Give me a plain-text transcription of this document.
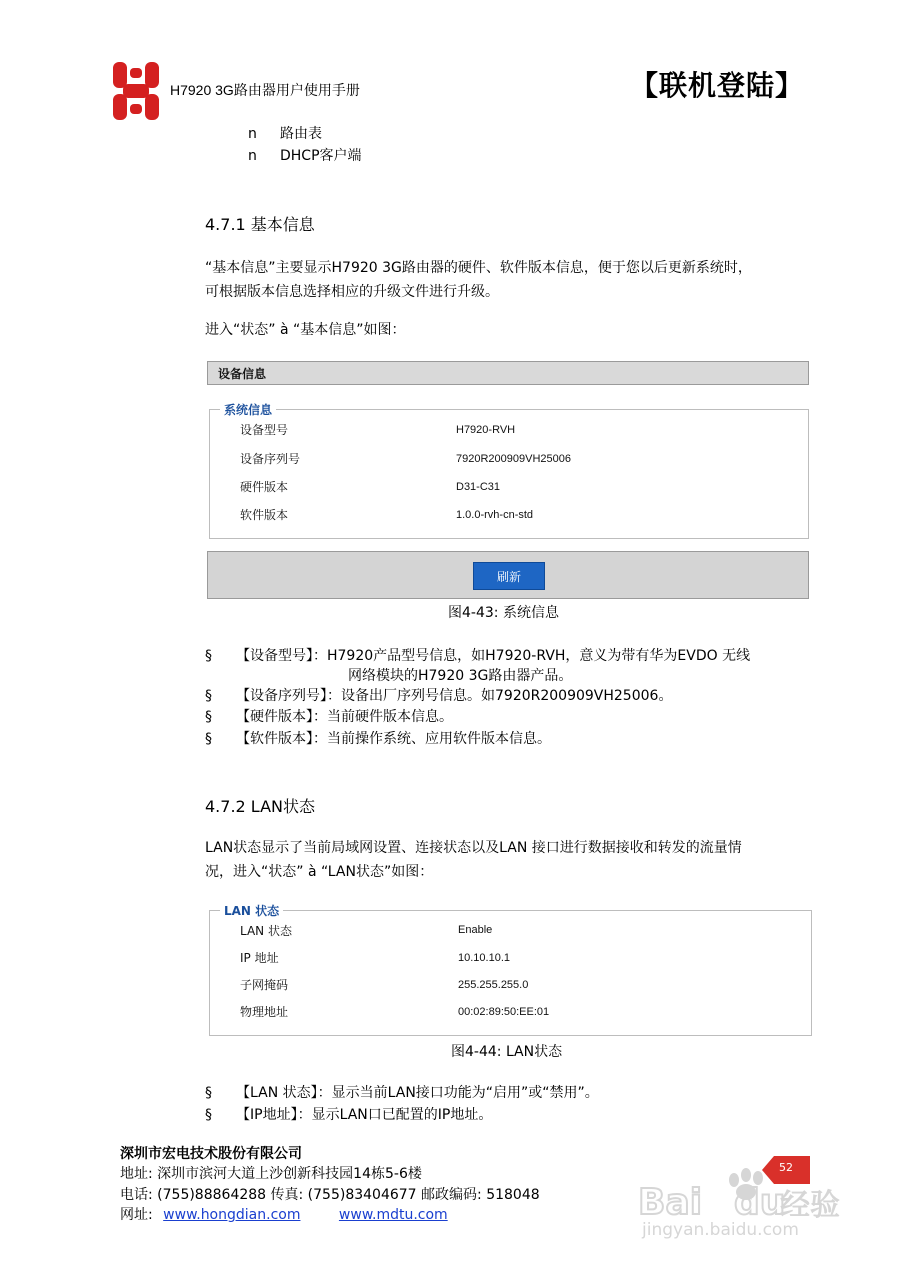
H7920 3G路由器用户使用手册	【联机登陆】
n 路由表
n DHCP客户端
4.7.1 基本信息
“基本信息”主要显示H7920 3G路由器的硬件、软件版本信息，便于您以后更新系统时，
可根据版本信息选择相应的升级文件进行升级。
进入“状态” à “基本信息”如图：
设备信息
系统信息
设备型号	H7920-RVH
设备序列号	7920R200909VH25006
硬件版本	D31-C31
软件版本	1.0.0-rvh-cn-std
刷新
图4-43: 系统信息
§ 【设备型号】：H7920产品型号信息，如H7920-RVH，意义为带有华为EVDO 无线
网络模块的H7920 3G路由器产品。
§ 【设备序列号】：设备出厂序列号信息。如7920R200909VH25006。
§ 【硬件版本】：当前硬件版本信息。
§ 【软件版本】：当前操作系统、应用软件版本信息。
4.7.2 LAN状态
LAN状态显示了当前局域网设置、连接状态以及LAN 接口进行数据接收和转发的流量情
况，进入“状态” à “LAN状态”如图：
LAN 状态
LAN 状态	Enable
IP 地址	10.10.10.1
子网掩码	255.255.255.0
物理地址	00:02:89:50:EE:01
图4-44: LAN状态
§ 【LAN 状态】：显示当前LAN接口功能为“启用”或“禁用”。
§ 【IP地址】：显示LAN口已配置的IP地址。
深圳市宏电技术股份有限公司
地址: 深圳市滨河大道上沙创新科技园14栋5-6楼
电话: (755)88864288 传真: (755)83404677 邮政编码: 518048
网址: www.hongdian.com	www.mdtu.com
52
Bai du
经验
jingyan.baidu.com
